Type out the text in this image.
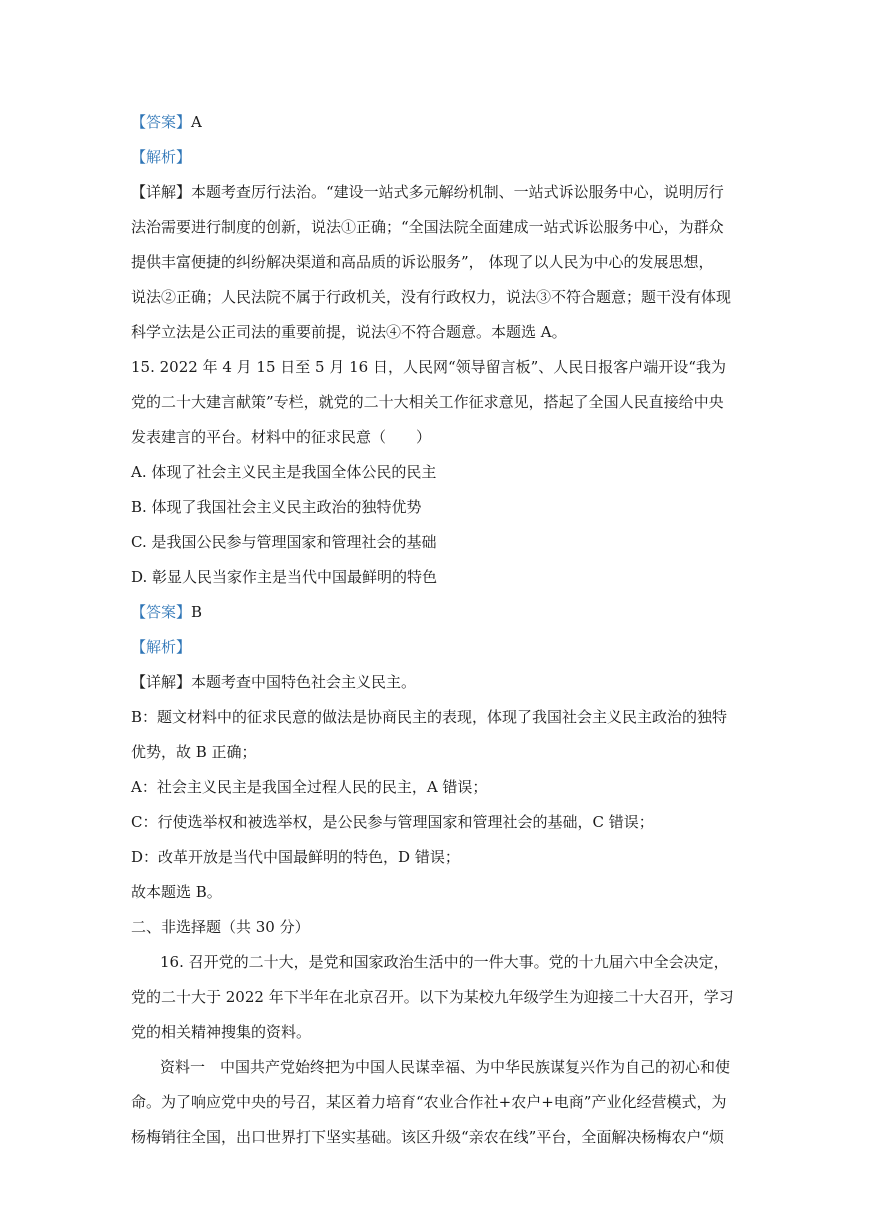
【答案】A
【解析】
【详解】本题考查厉行法治。“建设一站式多元解纷机制、一站式诉讼服务中心，说明厉行
法治需要进行制度的创新，说法①正确；“全国法院全面建成一站式诉讼服务中心，为群众
提供丰富便捷的纠纷解决渠道和高品质的诉讼服务”， 体现了以人民为中心的发展思想，
说法②正确；人民法院不属于行政机关，没有行政权力，说法③不符合题意；题干没有体现
科学立法是公正司法的重要前提，说法④不符合题意。本题选 A。
15. 2022 年 4 月 15 日至 5 月 16 日，人民网“领导留言板”、人民日报客户端开设“我为
党的二十大建言献策”专栏，就党的二十大相关工作征求意见，搭起了全国人民直接给中央
发表建言的平台。材料中的征求民意（　　）
A. 体现了社会主义民主是我国全体公民的民主
B. 体现了我国社会主义民主政治的独特优势
C. 是我国公民参与管理国家和管理社会的基础
D. 彰显人民当家作主是当代中国最鲜明的特色
【答案】B
【解析】
【详解】本题考查中国特色社会主义民主。
B：题文材料中的征求民意的做法是协商民主的表现，体现了我国社会主义民主政治的独特
优势，故 B 正确；
A：社会主义民主是我国全过程人民的民主，A 错误；
C：行使选举权和被选举权，是公民参与管理国家和管理社会的基础，C 错误；
D：改革开放是当代中国最鲜明的特色，D 错误；
故本题选 B。
二、非选择题（共 30 分）
16. 召开党的二十大，是党和国家政治生活中的一件大事。党的十九届六中全会决定，
党的二十大于 2022 年下半年在北京召开。以下为某校九年级学生为迎接二十大召开，学习
党的相关精神搜集的资料。
资料一　中国共产党始终把为中国人民谋幸福、为中华民族谋复兴作为自己的初心和使
命。为了响应党中央的号召，某区着力培育“农业合作社+农户+电商”产业化经营模式，为
杨梅销往全国，出口世界打下坚实基础。该区升级“亲农在线”平台，全面解决杨梅农户“烦
